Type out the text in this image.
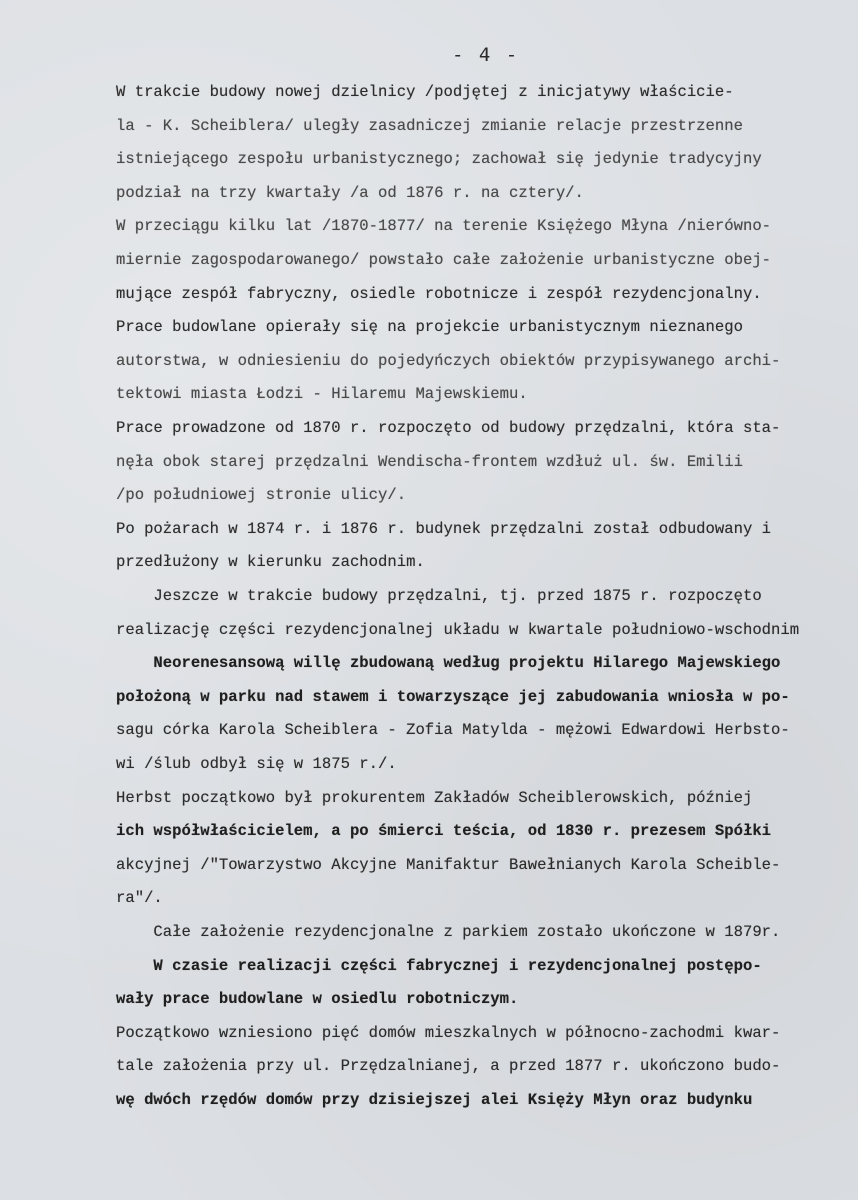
- 4 -
W trakcie budowy nowej dzielnicy /podjętej z inicjatywy właścicie-
la - K. Scheiblera/ uległy zasadniczej zmianie relacje przestrzenne
istniejącego zespołu urbanistycznego; zachował się jedynie tradycyjny
podział na trzy kwartały /a od 1876 r. na cztery/.
W przeciągu kilku lat /1870-1877/ na terenie Księżego Młyna /nierówno-
miernie zagospodarowanego/ powstało całe założenie urbanistyczne obej-
mujące zespół fabryczny, osiedle robotnicze i zespół rezydencjonalny.
Prace budowlane opierały się na projekcie urbanistycznym nieznanego
autorstwa, w odniesieniu do pojedyńczych obiektów przypisywanego archi-
tektowi miasta Łodzi - Hilaremu Majewskiemu.
Prace prowadzone od 1870 r. rozpoczęto od budowy przędzalni, która sta-
nęła obok starej przędzalni Wendischa-frontem wzdłuż ul. św. Emilii
/po południowej stronie ulicy/.
Po pożarach w 1874 r. i 1876 r. budynek przędzalni został odbudowany i
przedłużony w kierunku zachodnim.
Jeszcze w trakcie budowy przędzalni, tj. przed 1875 r. rozpoczęto
realizację części rezydencjonalnej układu w kwartale południowo-wschodnim
Neorenesansową willę zbudowaną według projektu Hilarego Majewskiego
położoną w parku nad stawem i towarzyszące jej zabudowania wniosła w po-
sagu córka Karola Scheiblera - Zofia Matylda - mężowi Edwardowi Herbsto-
wi /ślub odbył się w 1875 r./.
Herbst początkowo był prokurentem Zakładów Scheiblerowskich, później
ich współwłaścicielem, a po śmierci teścia, od 1830 r. prezesem Spółki
akcyjnej /"Towarzystwo Akcyjne Manifaktur Bawełnianych Karola Scheible-
ra"/.
Całe założenie rezydencjonalne z parkiem zostało ukończone w 1879r.
W czasie realizacji części fabrycznej i rezydencjonalnej postępo-
wały prace budowlane w osiedlu robotniczym.
Początkowo wzniesiono pięć domów mieszkalnych w północno-zachodmi kwar-
tale założenia przy ul. Przędzalnianej, a przed 1877 r. ukończono budo-
wę dwóch rzędów domów przy dzisiejszej alei Księży Młyn oraz budynku
